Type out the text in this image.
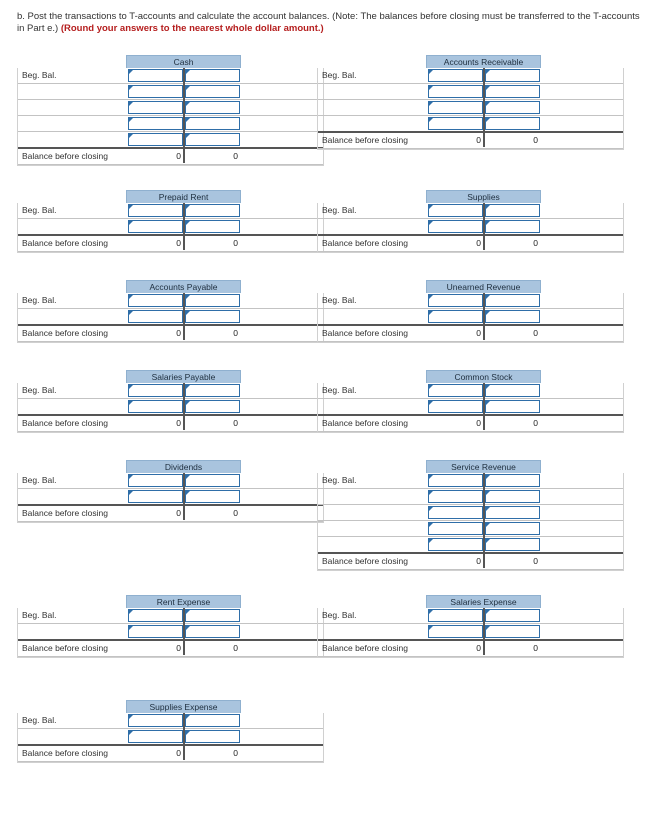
b. Post the transactions to T-accounts and calculate the account balances. (Note: The balances before closing must be transferred to the T-accounts in Part e.) (Round your answers to the nearest whole dollar amount.)
Cash
Beg. Bal.
Balance before closing	0	0
Accounts Receivable
Beg. Bal.
Balance before closing	0	0
Prepaid Rent
Beg. Bal.
Balance before closing	0	0
Supplies
Beg. Bal.
Balance before closing	0	0
Accounts Payable
Beg. Bal.
Balance before closing	0	0
Unearned Revenue
Beg. Bal.
Balance before closing	0	0
Salaries Payable
Beg. Bal.
Balance before closing	0	0
Common Stock
Beg. Bal.
Balance before closing	0	0
Dividends
Beg. Bal.
Balance before closing	0	0
Service Revenue
Beg. Bal.
Balance before closing	0	0
Rent Expense
Beg. Bal.
Balance before closing	0	0
Salaries Expense
Beg. Bal.
Balance before closing	0	0
Supplies Expense
Beg. Bal.
Balance before closing	0	0
